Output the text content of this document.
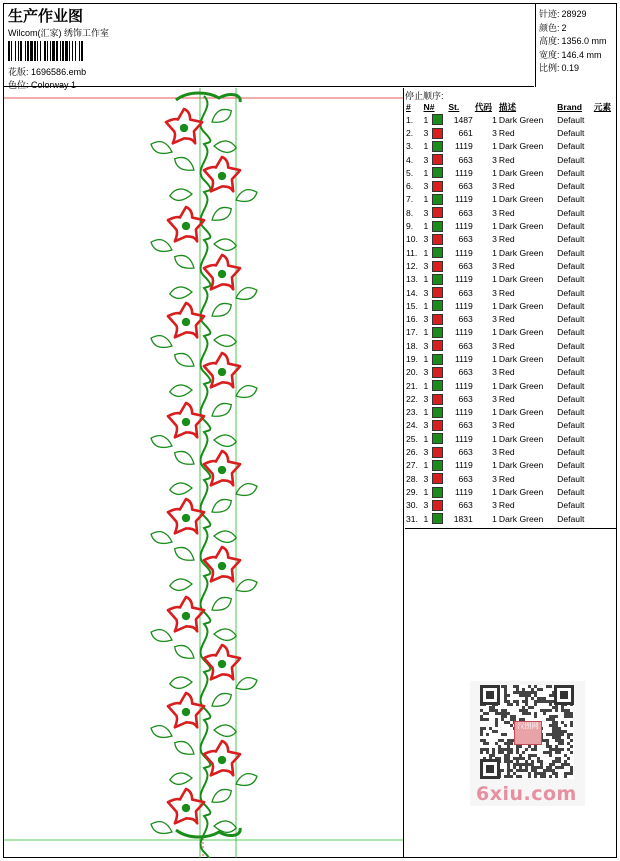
生产作业图
Wilcom(汇家) 绣饰工作室
花版: 1696586.emb
色位: Colorway 1
针迹: 28929
颜色: 2
高度: 1356.0 mm
宽度: 146.4 mm
比例: 0.19
停止顺序:
#	N#		St.	代码	描述	Brand	元素
1.	1		1487	1	Dark Green	Default	
2.	3		661	3	Red	Default	
3.	1		1119	1	Dark Green	Default	
4.	3		663	3	Red	Default	
5.	1		1119	1	Dark Green	Default	
6.	3		663	3	Red	Default	
7.	1		1119	1	Dark Green	Default	
8.	3		663	3	Red	Default	
9.	1		1119	1	Dark Green	Default	
10.	3		663	3	Red	Default	
11.	1		1119	1	Dark Green	Default	
12.	3		663	3	Red	Default	
13.	1		1119	1	Dark Green	Default	
14.	3		663	3	Red	Default	
15.	1		1119	1	Dark Green	Default	
16.	3		663	3	Red	Default	
17.	1		1119	1	Dark Green	Default	
18.	3		663	3	Red	Default	
19.	1		1119	1	Dark Green	Default	
20.	3		663	3	Red	Default	
21.	1		1119	1	Dark Green	Default	
22.	3		663	3	Red	Default	
23.	1		1119	1	Dark Green	Default	
24.	3		663	3	Red	Default	
25.	1		1119	1	Dark Green	Default	
26.	3		663	3	Red	Default	
27.	1		1119	1	Dark Green	Default	
28.	3		663	3	Red	Default	
29.	1		1119	1	Dark Green	Default	
30.	3		663	3	Red	Default	
31.	1		1831	1	Dark Green	Default	
汉图网
6xiu.com
